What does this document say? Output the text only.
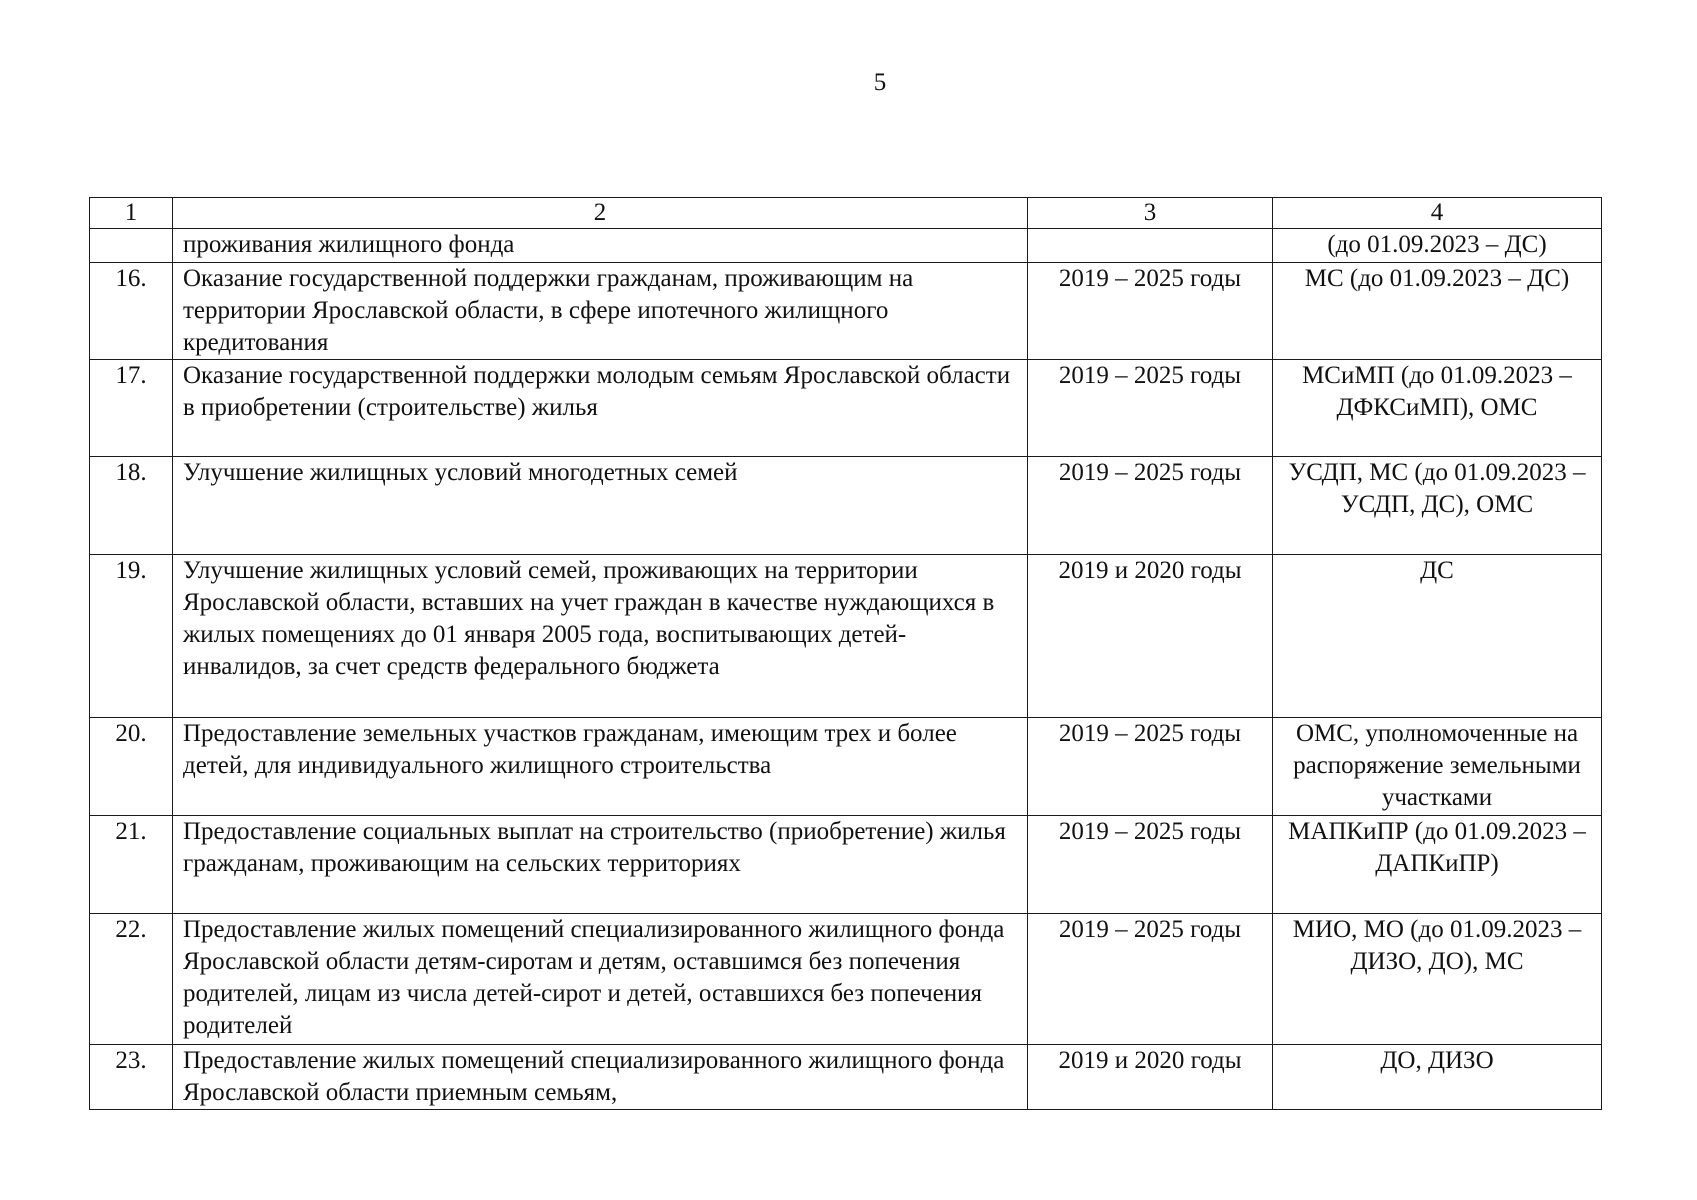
5
1	2	3	4
	проживания жилищного фонда		(до 01.09.2023 – ДС)
16.	Оказание государственной поддержки гражданам, проживающим на территории Ярославской области, в сфере ипотечного жилищного кредитования	2019 – 2025 годы	МС (до 01.09.2023 – ДС)
17.	Оказание государственной поддержки молодым семьям Ярославской области в приобретении (строительстве) жилья	2019 – 2025 годы	МСиМП (до 01.09.2023 – ДФКСиМП), ОМС
18.	Улучшение жилищных условий многодетных семей	2019 – 2025 годы	УСДП, МС (до 01.09.2023 – УСДП, ДС), ОМС
19.	Улучшение жилищных условий семей, проживающих на территории Ярославской области, вставших на учет граждан в качестве нуждающихся в жилых помещениях до 01 января 2005 года, воспитывающих детей-инвалидов, за счет средств федерального бюджета	2019 и 2020 годы	ДС
20.	Предоставление земельных участков гражданам, имеющим трех и более детей, для индивидуального жилищного строительства	2019 – 2025 годы	ОМС, уполномоченные на распоряжение земельными участками
21.	Предоставление социальных выплат на строительство (приобретение) жилья гражданам, проживающим на сельских территориях	2019 – 2025 годы	МАПКиПР (до 01.09.2023 – ДАПКиПР)
22.	Предоставление жилых помещений специализированного жилищного фонда Ярославской области детям-сиротам и детям, оставшимся без попечения родителей, лицам из числа детей-сирот и детей, оставшихся без попечения родителей	2019 – 2025 годы	МИО, МО (до 01.09.2023 – ДИЗО, ДО), МС
23.	Предоставление жилых помещений специализированного жилищного фонда Ярославской области приемным семьям,	2019 и 2020 годы	ДО, ДИЗО
